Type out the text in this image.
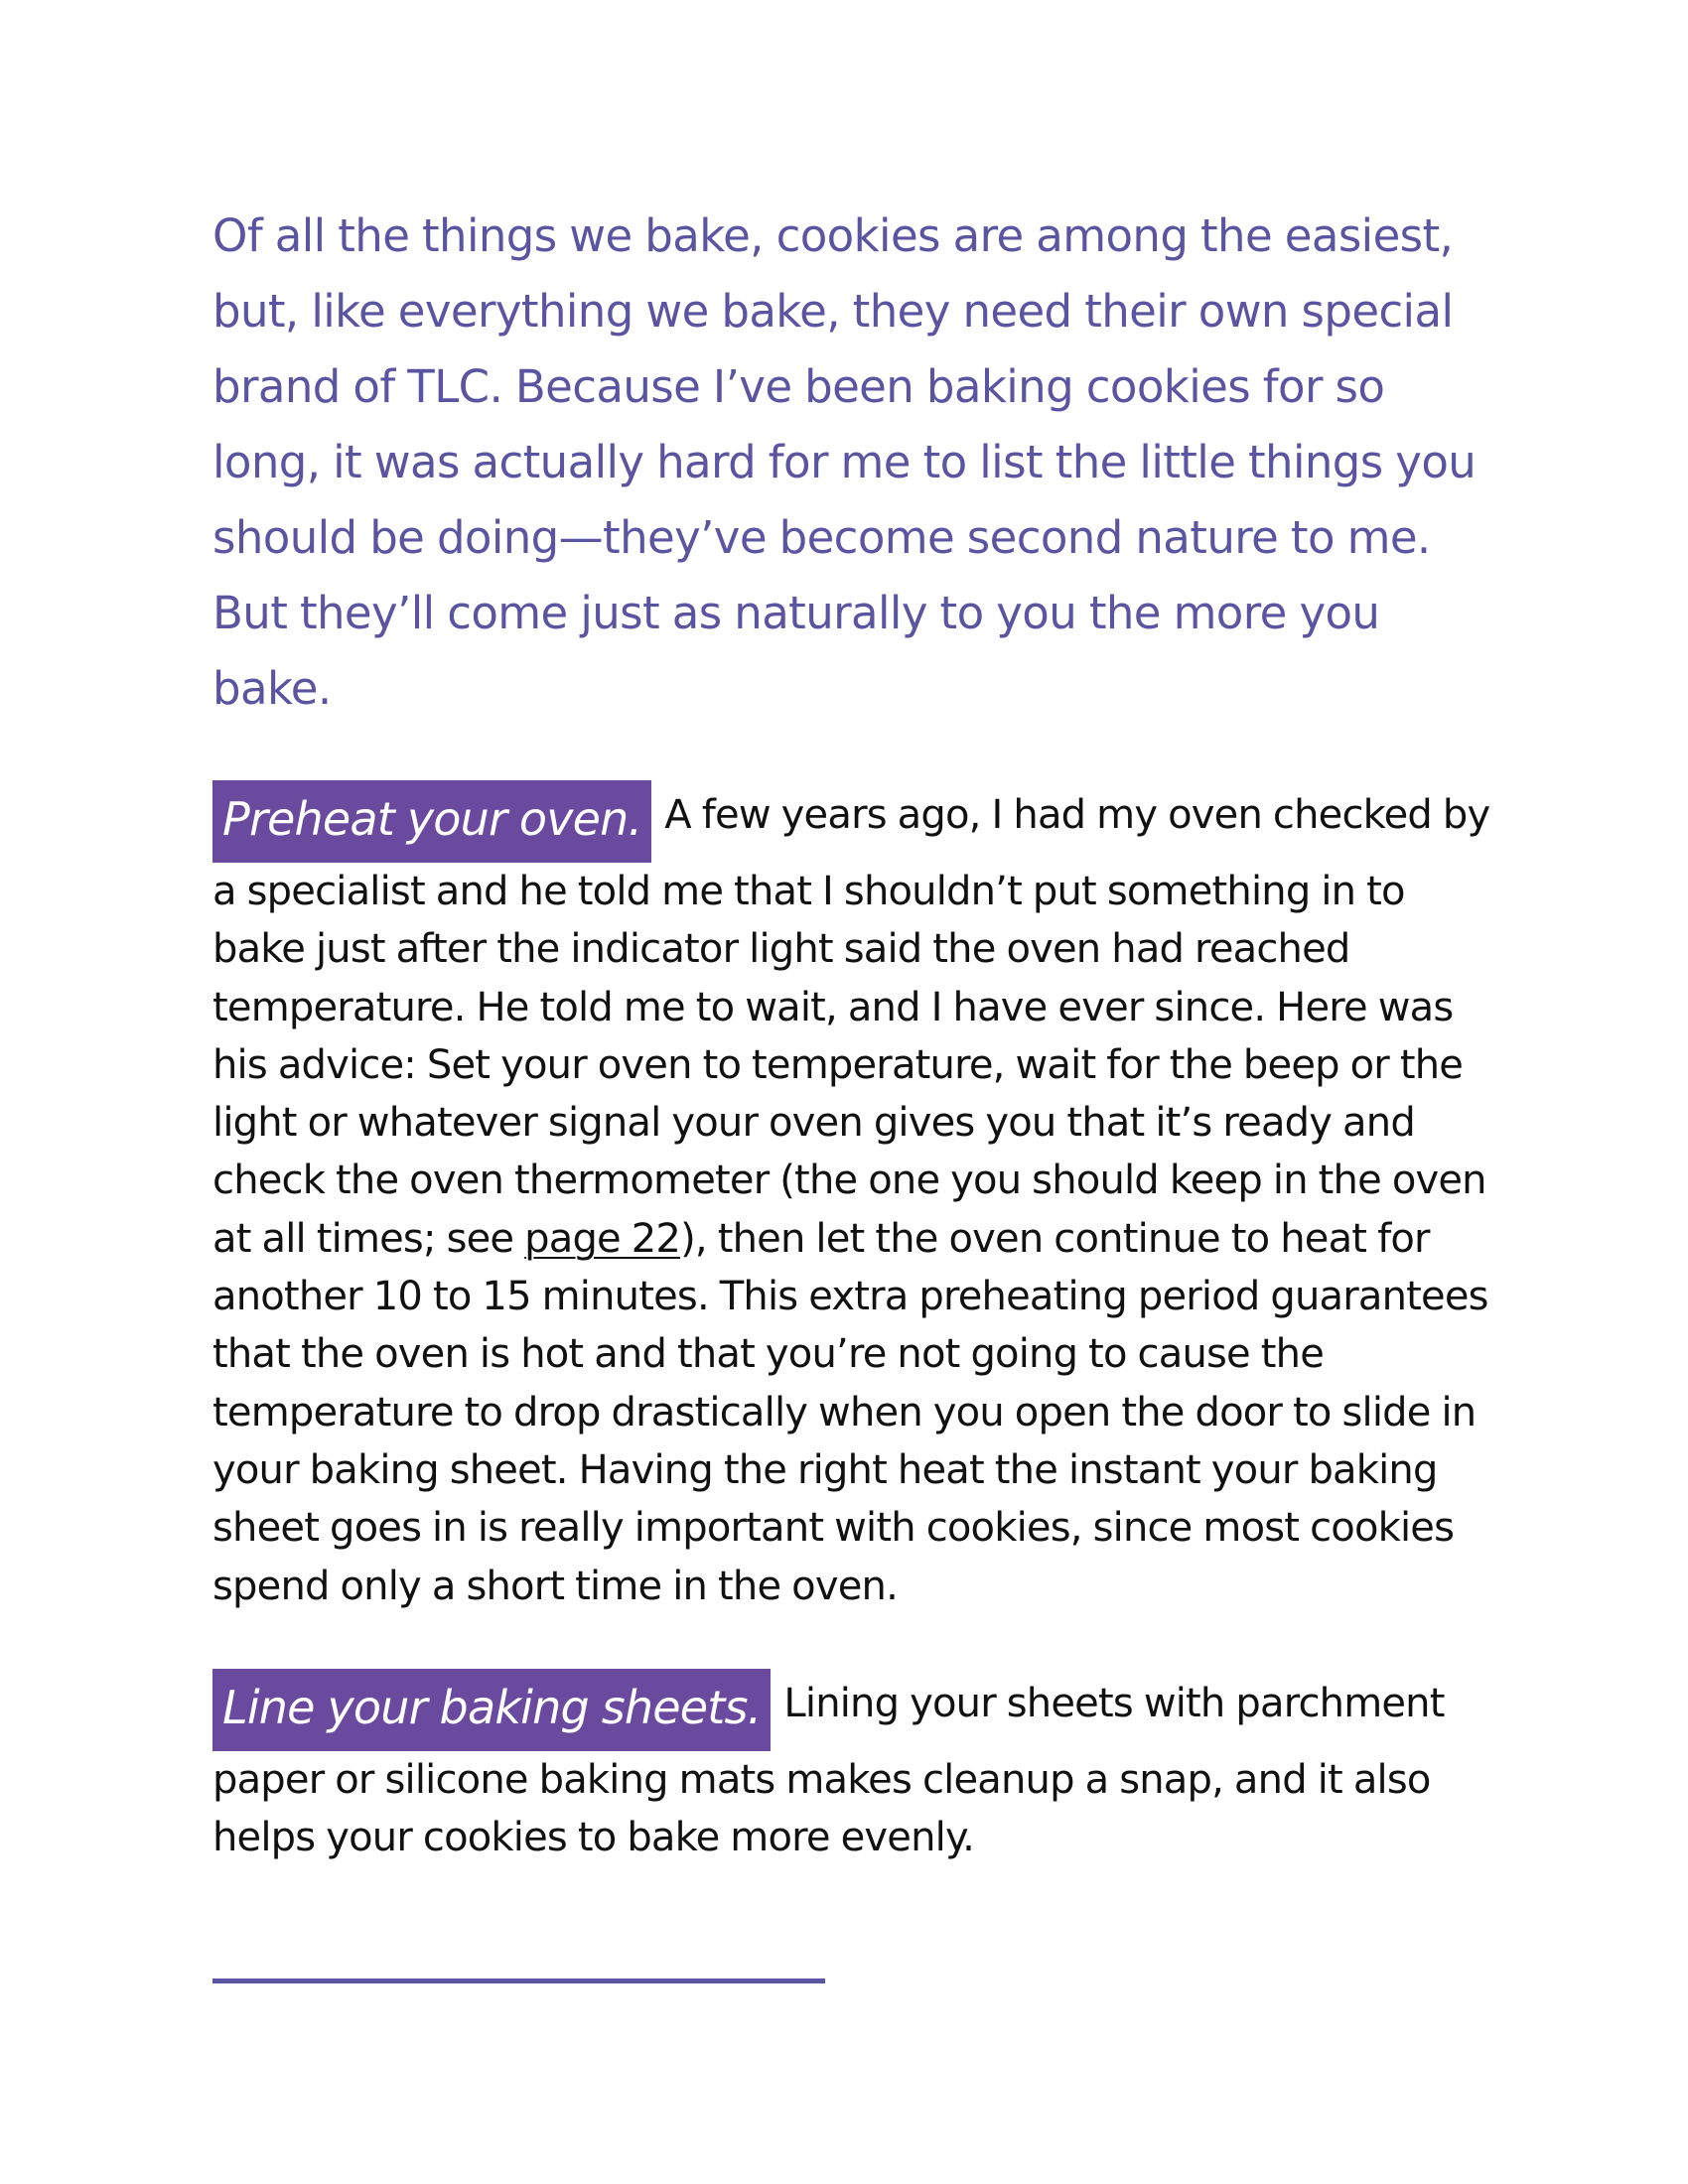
Of all the things we bake, cookies are among the easiest, but, like everything we bake, they need their own special brand of TLC. Because I’ve been baking cookies for so long, it was actually hard for me to list the little things you should be doing—they’ve become second nature to me. But they’ll come just as naturally to you the more you bake.

Preheat your oven. A few years ago, I had my oven checked by a specialist and he told me that I shouldn’t put something in to bake just after the indicator light said the oven had reached temperature. He told me to wait, and I have ever since. Here was his advice: Set your oven to temperature, wait for the beep or the light or whatever signal your oven gives you that it’s ready and check the oven thermometer (the one you should keep in the oven at all times; see page 22), then let the oven continue to heat for another 10 to 15 minutes. This extra preheating period guarantees that the oven is hot and that you’re not going to cause the temperature to drop drastically when you open the door to slide in your baking sheet. Having the right heat the instant your baking sheet goes in is really important with cookies, since most cookies spend only a short time in the oven.

Line your baking sheets. Lining your sheets with parchment paper or silicone baking mats makes cleanup a snap, and it also helps your cookies to bake more evenly.
